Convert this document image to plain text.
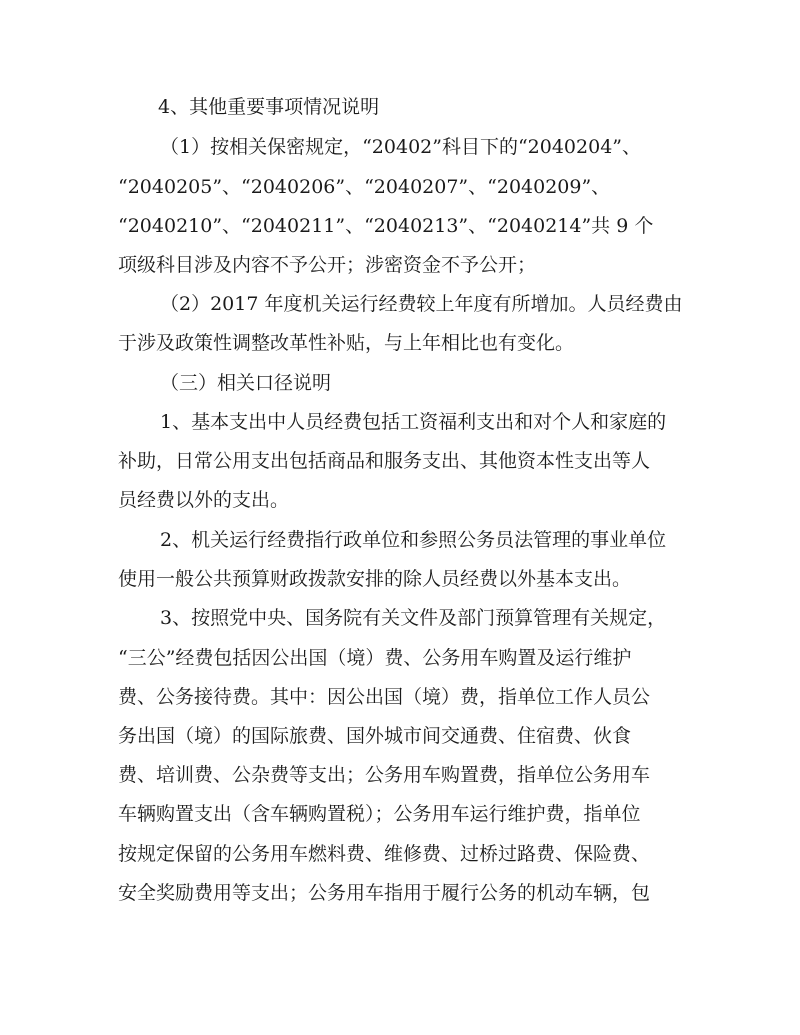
4、其他重要事项情况说明
（1）按相关保密规定，“20402”科目下的“2040204”、
“2040205”、“2040206”、“2040207”、“2040209”、
“2040210”、“2040211”、“2040213”、“2040214”共 9 个
项级科目涉及内容不予公开；涉密资金不予公开；
（2）2017 年度机关运行经费较上年度有所增加。人员经费由
于涉及政策性调整改革性补贴，与上年相比也有变化。
（三）相关口径说明
1、基本支出中人员经费包括工资福利支出和对个人和家庭的
补助，日常公用支出包括商品和服务支出、其他资本性支出等人
员经费以外的支出。
2、机关运行经费指行政单位和参照公务员法管理的事业单位
使用一般公共预算财政拨款安排的除人员经费以外基本支出。
3、按照党中央、国务院有关文件及部门预算管理有关规定，
“三公”经费包括因公出国（境）费、公务用车购置及运行维护
费、公务接待费。其中：因公出国（境）费，指单位工作人员公
务出国（境）的国际旅费、国外城市间交通费、住宿费、伙食
费、培训费、公杂费等支出；公务用车购置费，指单位公务用车
车辆购置支出（含车辆购置税）；公务用车运行维护费，指单位
按规定保留的公务用车燃料费、维修费、过桥过路费、保险费、
安全奖励费用等支出；公务用车指用于履行公务的机动车辆，包
